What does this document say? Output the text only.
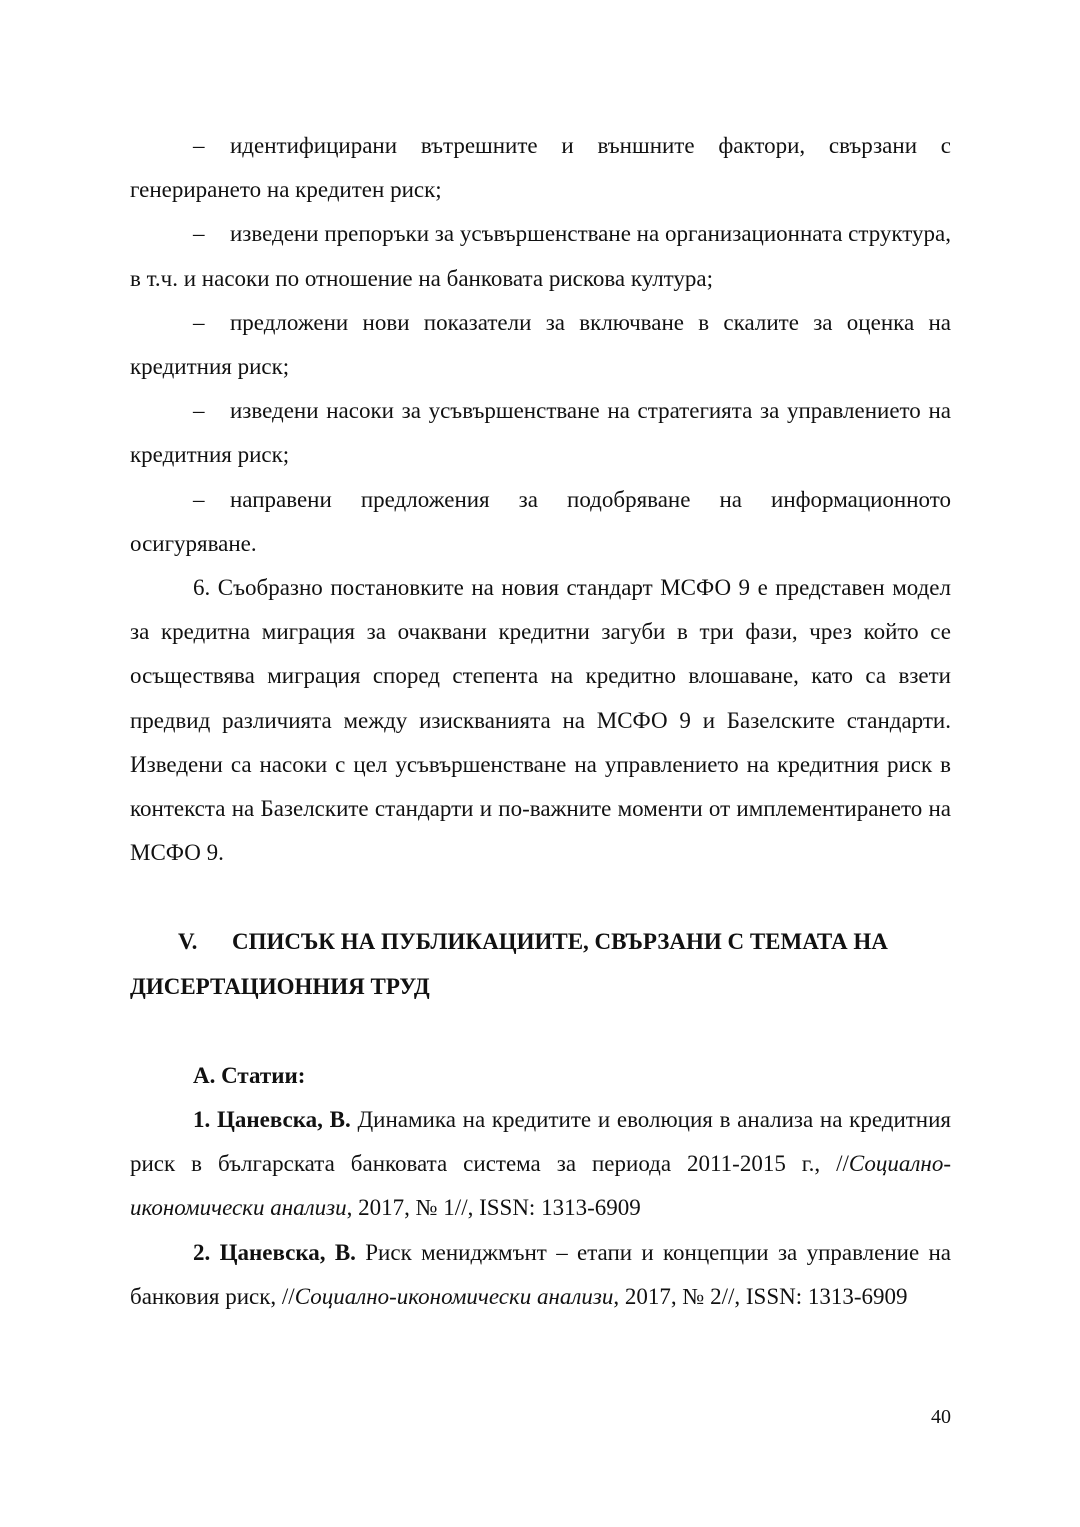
– идентифицирани вътрешните и външните фактори, свързани с генерирането на кредитен риск;

– изведени препоръки за усъвършенстване на организационната структура, в т.ч. и насоки по отношение на банковата рискова култура;

– предложени нови показатели за включване в скалите за оценка на кредитния риск;

– изведени насоки за усъвършенстване на стратегията за управлението на кредитния риск;

– направени предложения за подобряване на информационното осигуряване.

6. Съобразно постановките на новия стандарт МСФО 9 е представен модел за кредитна миграция за очаквани кредитни загуби в три фази, чрез който се осъществява миграция според степента на кредитно влошаване, като са взети предвид различията между изискванията на МСФО 9 и Базелските стандарти. Изведени са насоки с цел усъвършенстване на управлението на кредитния риск в контекста на Базелските стандарти и по-важните моменти от имплементирането на МСФО 9.

V. СПИСЪК НА ПУБЛИКАЦИИТЕ, СВЪРЗАНИ С ТЕМАТА НА ДИСЕРТАЦИОННИЯ ТРУД

А. Статии:

1. Цаневска, В. Динамика на кредитите и еволюция в анализа на кредитния риск в българската банковата система за периода 2011-2015 г., //Социално-икономически анализи, 2017, № 1//, ISSN: 1313-6909

2. Цаневска, В. Риск мениджмънт – етапи и концепции за управление на банковия риск, //Социално-икономически анализи, 2017, № 2//, ISSN: 1313-6909

40
